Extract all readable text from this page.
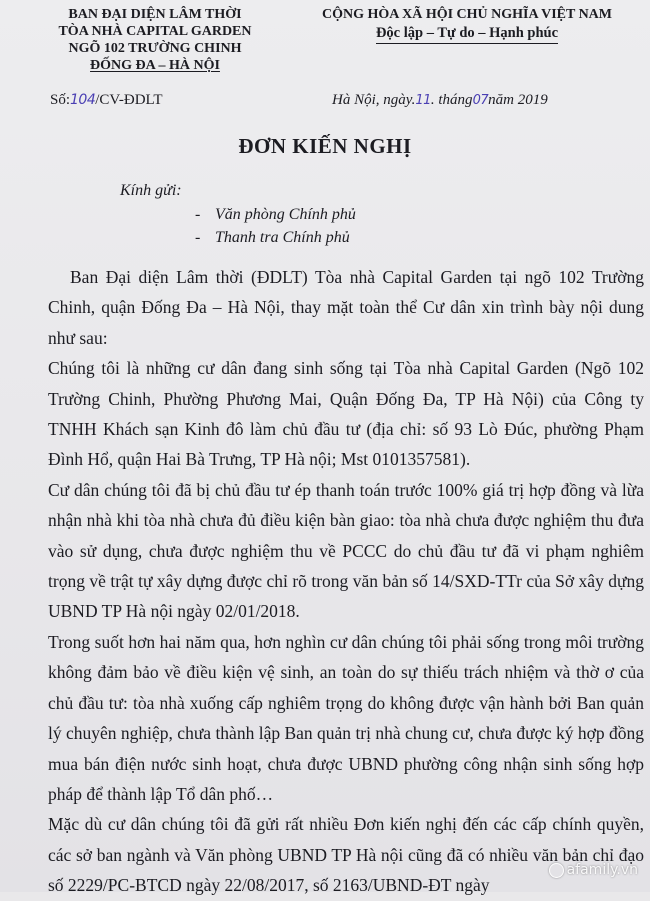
BAN ĐẠI DIỆN LÂM THỜI
TÒA NHÀ CAPITAL GARDEN
NGÕ 102 TRƯỜNG CHINH
ĐỐNG ĐA – HÀ NỘI
CỘNG HÒA XÃ HỘI CHỦ NGHĨA VIỆT NAM
Độc lập – Tự do – Hạnh phúc
Số:104/CV-ĐDLT	Hà Nội, ngày.11. tháng07năm 2019
ĐƠN KIẾN NGHỊ
Kính gửi:
- Văn phòng Chính phủ
- Thanh tra Chính phủ

Ban Đại diện Lâm thời (ĐDLT) Tòa nhà Capital Garden tại ngõ 102 Trường Chinh, quận Đống Đa – Hà Nội, thay mặt toàn thể Cư dân xin trình bày nội dung như sau:

Chúng tôi là những cư dân đang sinh sống tại Tòa nhà Capital Garden (Ngõ 102 Trường Chinh, Phường Phương Mai, Quận Đống Đa, TP Hà Nội) của Công ty TNHH Khách sạn Kinh đô làm chủ đầu tư (địa chỉ: số 93 Lò Đúc, phường Phạm Đình Hổ, quận Hai Bà Trưng, TP Hà nội; Mst 0101357581).

Cư dân chúng tôi đã bị chủ đầu tư ép thanh toán trước 100% giá trị hợp đồng và lừa nhận nhà khi tòa nhà chưa đủ điều kiện bàn giao: tòa nhà chưa được nghiệm thu đưa vào sử dụng, chưa được nghiệm thu về PCCC do chủ đầu tư đã vi phạm nghiêm trọng về trật tự xây dựng được chỉ rõ trong văn bản số 14/SXD-TTr của Sở xây dựng UBND TP Hà nội ngày 02/01/2018.

Trong suốt hơn hai năm qua, hơn nghìn cư dân chúng tôi phải sống trong môi trường không đảm bảo về điều kiện vệ sinh, an toàn do sự thiếu trách nhiệm và thờ ơ của chủ đầu tư: tòa nhà xuống cấp nghiêm trọng do không được vận hành bởi Ban quản lý chuyên nghiệp, chưa thành lập Ban quản trị nhà chung cư, chưa được ký hợp đồng mua bán điện nước sinh hoạt, chưa được UBND phường công nhận sinh sống hợp pháp để thành lập Tổ dân phố…

Mặc dù cư dân chúng tôi đã gửi rất nhiều Đơn kiến nghị đến các cấp chính quyền, các sở ban ngành và Văn phòng UBND TP Hà nội cũng đã có nhiều văn bản chỉ đạo số 2229/PC-BTCD ngày 22/08/2017, số 2163/UBND-ĐT ngày

afamily.vn
